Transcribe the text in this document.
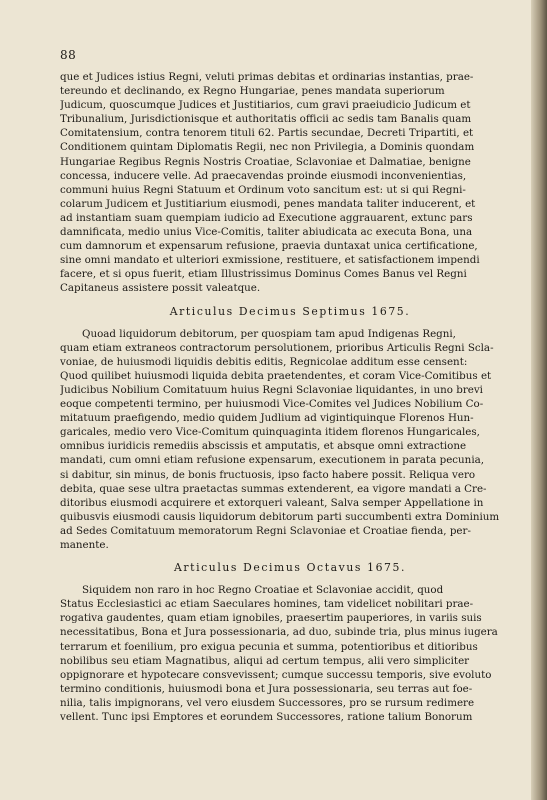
88
que et Judices istius Regni, veluti primas debitas et ordinarias instantias, prae-
tereundo et declinando, ex Regno Hungariae, penes mandata superiorum
Judicum, quoscumque Judices et Justitiarios, cum gravi praeiudicio Judicum et
Tribunalium, Jurisdictionisque et authoritatis officii ac sedis tam Banalis quam
Comitatensium, contra tenorem tituli 62. Partis secundae, Decreti Tripartiti, et
Conditionem quintam Diplomatis Regii, nec non Privilegia, a Dominis quondam
Hungariae Regibus Regnis Nostris Croatiae, Sclavoniae et Dalmatiae, benigne
concessa, inducere velle. Ad praecavendas proinde eiusmodi inconvenientias,
communi huius Regni Statuum et Ordinum voto sancitum est: ut si qui Regni-
colarum Judicem et Justitiarium eiusmodi, penes mandata taliter inducerent, et
ad instantiam suam quempiam iudicio ad Executione aggrauarent, extunc pars
damnificata, medio unius Vice-Comitis, taliter abiudicata ac executa Bona, una
cum damnorum et expensarum refusione, praevia duntaxat unica certificatione,
sine omni mandato et ulteriori exmissione, restituere, et satisfactionem impendi
facere, et si opus fuerit, etiam Illustrissimus Dominus Comes Banus vel Regni
Capitaneus assistere possit valeatque.
Articulus Decimus Septimus 1675.
Quoad liquidorum debitorum, per quospiam tam apud Indigenas Regni,
quam etiam extraneos contractorum persolutionem, prioribus Articulis Regni Scla-
voniae, de huiusmodi liquidis debitis editis, Regnicolae additum esse censent:
Quod quilibet huiusmodi liquida debita praetendentes, et coram Vice-Comitibus et
Judicibus Nobilium Comitatuum huius Regni Sclavoniae liquidantes, in uno brevi
eoque competenti termino, per huiusmodi Vice-Comites vel Judices Nobilium Co-
mitatuum praefigendo, medio quidem Judlium ad vigintiquinque Florenos Hun-
garicales, medio vero Vice-Comitum quinquaginta itidem florenos Hungaricales,
omnibus iuridicis remediis abscissis et amputatis, et absque omni extractione
mandati, cum omni etiam refusione expensarum, executionem in parata pecunia,
si dabitur, sin minus, de bonis fructuosis, ipso facto habere possit. Reliqua vero
debita, quae sese ultra praetactas summas extenderent, ea vigore mandati a Cre-
ditoribus eiusmodi acquirere et extorqueri valeant, Salva semper Appellatione in
quibusvis eiusmodi causis liquidorum debitorum parti succumbenti extra Dominium
ad Sedes Comitatuum memoratorum Regni Sclavoniae et Croatiae fienda, per-
manente.
Articulus Decimus Octavus 1675.
Siquidem non raro in hoc Regno Croatiae et Sclavoniae accidit, quod
Status Ecclesiastici ac etiam Saeculares homines, tam videlicet nobilitari prae-
rogativa gaudentes, quam etiam ignobiles, praesertim pauperiores, in variis suis
necessitatibus, Bona et Jura possessionaria, ad duo, subinde tria, plus minus iugera
terrarum et foenilium, pro exigua pecunia et summa, potentioribus et ditioribus
nobilibus seu etiam Magnatibus, aliqui ad certum tempus, alii vero simpliciter
oppignorare et hypotecare consvevissent; cumque successu temporis, sive evoluto
termino conditionis, huiusmodi bona et Jura possessionaria, seu terras aut foe-
nilia, talis impignorans, vel vero eiusdem Successores, pro se rursum redimere
vellent. Tunc ipsi Emptores et eorundem Successores, ratione talium Bonorum
